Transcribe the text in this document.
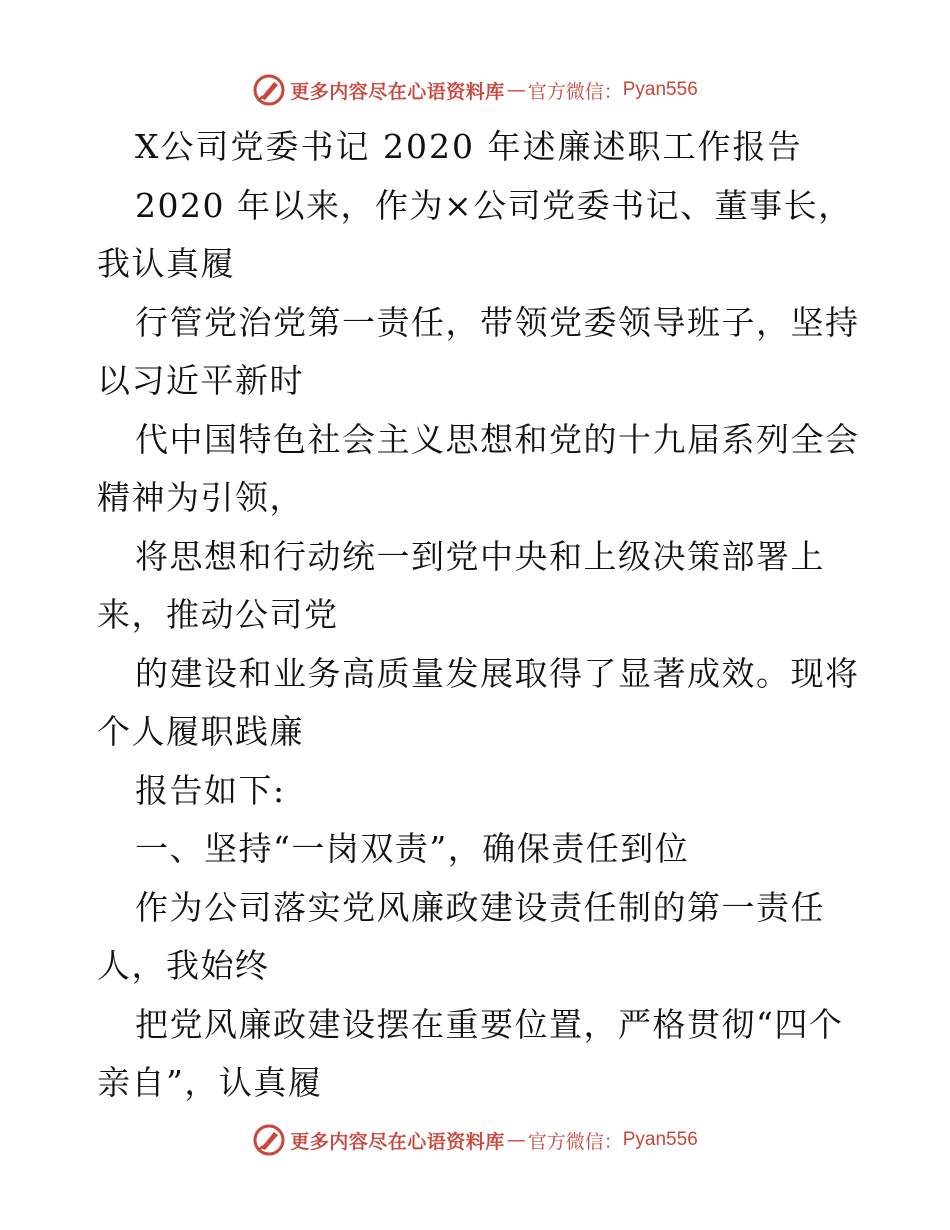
更多内容尽在心语资料库 — 官方微信： Pyan556
X公司党委书记 2020 年述廉述职工作报告
2020 年以来，作为×公司党委书记、董事长，
我认真履
行管党治党第一责任，带领党委领导班子，坚持
以习近平新时
代中国特色社会主义思想和党的十九届系列全会
精神为引领，
将思想和行动统一到党中央和上级决策部署上
来，推动公司党
的建设和业务高质量发展取得了显著成效。现将
个人履职践廉
报告如下:
一、坚持“一岗双责”，确保责任到位
作为公司落实党风廉政建设责任制的第一责任
人，我始终
把党风廉政建设摆在重要位置，严格贯彻“四个
亲自”，认真履
更多内容尽在心语资料库 — 官方微信： Pyan556
